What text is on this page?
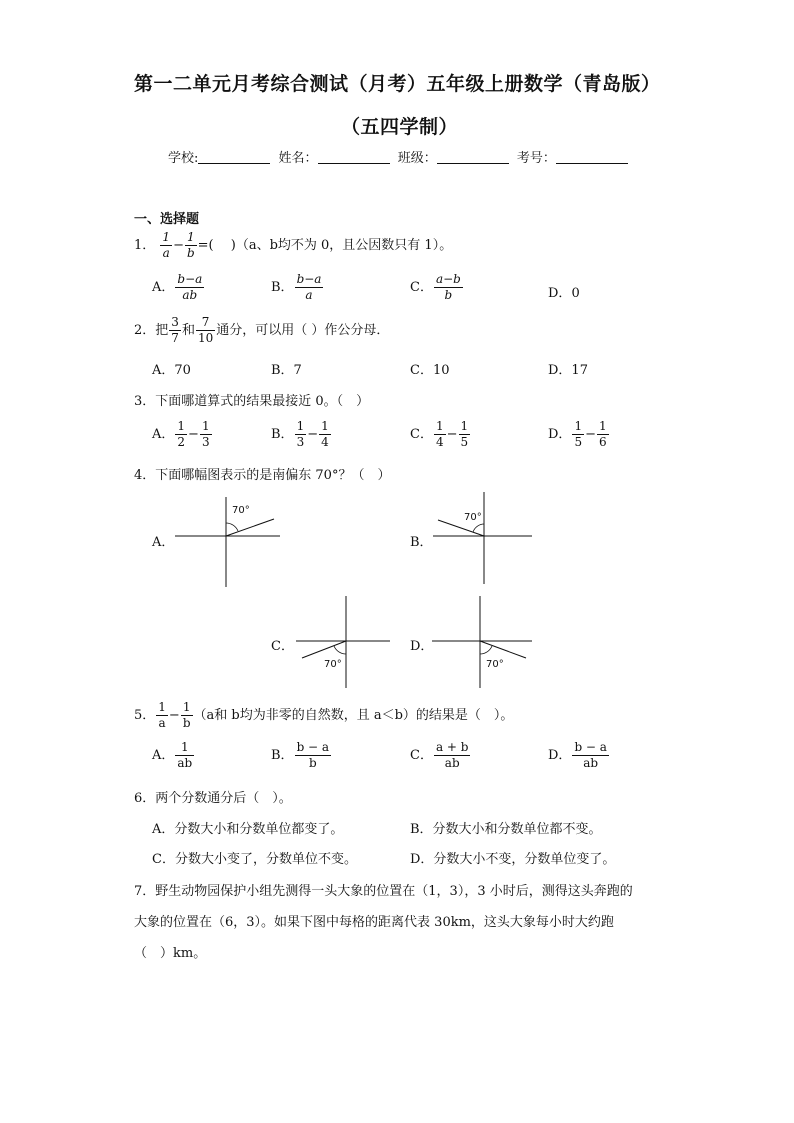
第一二单元月考综合测试（月考）五年级上册数学（青岛版）
（五四学制）
学校:	姓名：	班级：	考号：
一、选择题
1． $\frac{1}{a} - \frac{1}{b}$ =(　 )（a、b均不为 0，且公因数只有 1）。
A． $\frac{b-a}{ab}$	B． $\frac{b-a}{a}$	C． $\frac{a-b}{b}$	D．0
2．把 $\frac{3}{7}$ 和 $\frac{7}{10}$ 通分，可以用（ ）作公分母．
A．70	B．7	C．10	D．17
3．下面哪道算式的结果最接近 0。（　）
A． $\frac{1}{2} - \frac{1}{3}$	B． $\frac{1}{3} - \frac{1}{4}$	C． $\frac{1}{4} - \frac{1}{5}$	D． $\frac{1}{5} - \frac{1}{6}$
4．下面哪幅图表示的是南偏东 70°？（　）
A．
70°
B．
70°
C．
70°
D．
70°
5． $\frac{1}{a} - \frac{1}{b} (a$和 b均为非零的自然数，且 a＜b）的结果是（　）。
A． $\frac{1}{ab}$	B． $\frac{b - a}{b}$	C． $\frac{a + b}{ab}$	D． $\frac{b - a}{ab}$
6．两个分数通分后（　）。
A．分数大小和分数单位都变了。	B．分数大小和分数单位都不变。
C．分数大小变了，分数单位不变。	D．分数大小不变，分数单位变了。
7．野生动物园保护小组先测得一头大象的位置在（1，3），3 小时后，测得这头奔跑的
大象的位置在（6，3）。如果下图中每格的距离代表 30km，这头大象每小时大约跑
（　）km。
